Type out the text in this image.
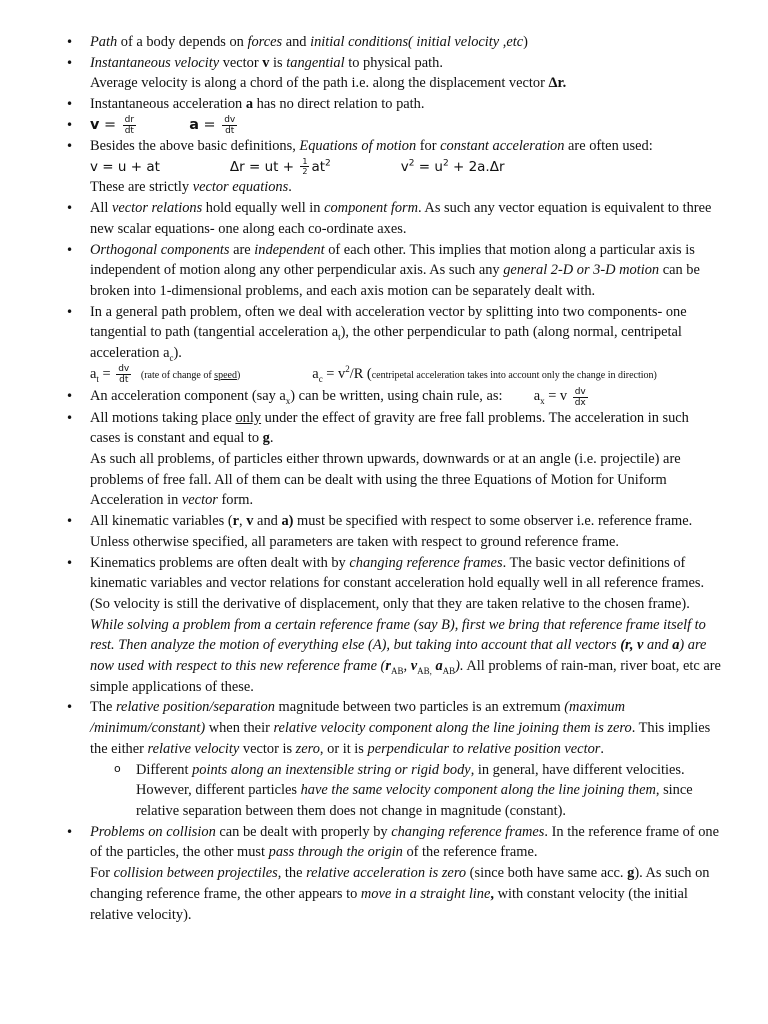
• Path of a body depends on forces and initial conditions( initial velocity ,etc)
• Instantaneous velocity vector v is tangential to physical path.
Average velocity is along a chord of the path i.e. along the displacement vector Δr.
• Instantaneous acceleration a has no direct relation to path.
• $v = \frac{dr}{dt}$	$a = \frac{dv}{dt}$
• Besides the above basic definitions, Equations of motion for constant acceleration are often used:
v = u + at	Δr = ut + $\frac{1}{2} at^2$	$v^2 = u^2 + 2a.\Delta r$
These are strictly vector equations.
• All vector relations hold equally well in component form. As such any vector equation is equivalent to three new scalar equations- one along each co-ordinate axes.
• Orthogonal components are independent of each other. This implies that motion along a particular axis is independent of motion along any other perpendicular axis. As such any general 2-D or 3-D motion can be broken into 1-dimensional problems, and each axis motion can be separately dealt with.
• In a general path problem, often we deal with acceleration vector by splitting into two components- one tangential to path (tangential acceleration $a_t$), the other perpendicular to path (along normal, centripetal acceleration $a_c$).
$a_t = \frac{dv}{dt}$ (rate of change of speed)	$a_c = v^2/R$ (centripetal acceleration takes into account only the change in direction)
• An acceleration component (say $a_x$) can be written, using chain rule, as: $a_x = v \frac{dv}{dx}$
• All motions taking place only under the effect of gravity are free fall problems. The acceleration in such cases is constant and equal to g.
As such all problems, of particles either thrown upwards, downwards or at an angle (i.e. projectile) are problems of free fall. All of them can be dealt with using the three Equations of Motion for Uniform Acceleration in vector form.
• All kinematic variables (r, v and a) must be specified with respect to some observer i.e. reference frame. Unless otherwise specified, all parameters are taken with respect to ground reference frame.
• Kinematics problems are often dealt with by changing reference frames. The basic vector definitions of kinematic variables and vector relations for constant acceleration hold equally well in all reference frames. (So velocity is still the derivative of displacement, only that they are taken relative to the chosen frame).
While solving a problem from a certain reference frame (say B), first we bring that reference frame itself to rest. Then analyze the motion of everything else (A), but taking into account that all vectors (r, v and a) are now used with respect to this new reference frame ($r_{AB}$, $v_{AB,}$ $a_{AB}$). All problems of rain-man, river boat, etc are simple applications of these.
• The relative position/separation magnitude between two particles is an extremum (maximum /minimum/constant) when their relative velocity component along the line joining them is zero. This implies the either relative velocity vector is zero, or it is perpendicular to relative position vector.
o Different points along an inextensible string or rigid body, in general, have different velocities. However, different particles have the same velocity component along the line joining them, since relative separation between them does not change in magnitude (constant).
• Problems on collision can be dealt with properly by changing reference frames. In the reference frame of one of the particles, the other must pass through the origin of the reference frame.
For collision between projectiles, the relative acceleration is zero (since both have same acc. g). As such on changing reference frame, the other appears to move in a straight line, with constant velocity (the initial relative velocity).
